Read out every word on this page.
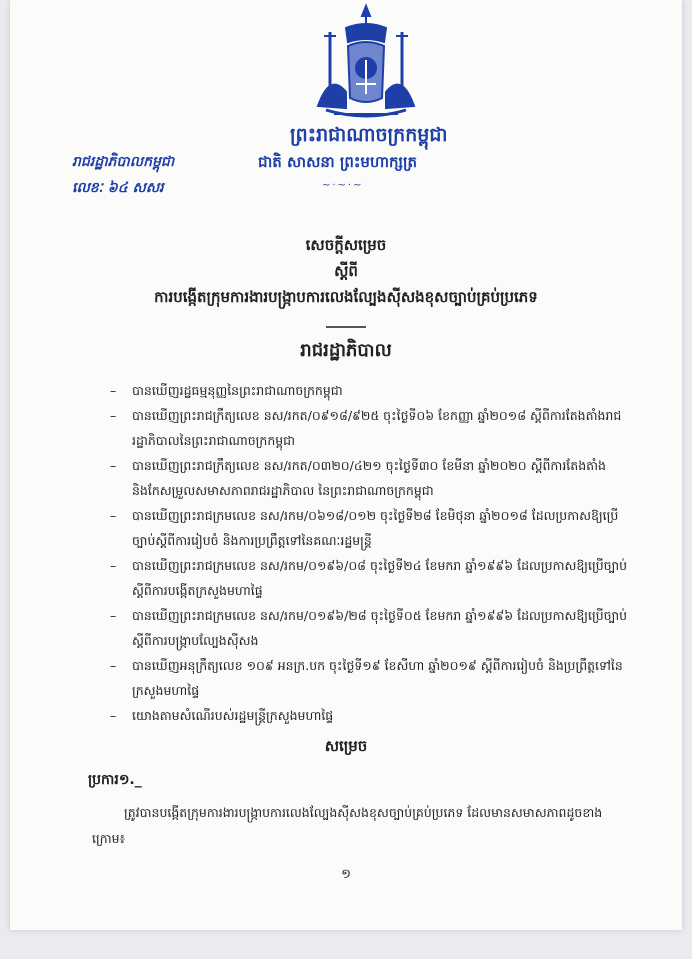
ព្រះរាជាណាចក្រកម្ពុជា
ជាតិ សាសនា ព្រះមហាក្សត្រ
~·~·~
រាជរដ្ឋាភិបាលកម្ពុជា
លេខៈ ៦៤ សសរ
សេចក្ដីសម្រេច
ស្ដីពី
ការបង្កើតក្រុមការងារបង្ក្រាបការលេងល្បែងស៊ីសងខុសច្បាប់គ្រប់ប្រភេទ
រាជរដ្ឋាភិបាល
– បានឃើញរដ្ឋធម្មនុញ្ញនៃព្រះរាជាណាចក្រកម្ពុជា
– បានឃើញព្រះរាជក្រឹត្យលេខ នស/រកត/០៩១៨/៩២៥ ចុះថ្ងៃទី០៦ ខែកញ្ញា ឆ្នាំ២០១៨ ស្ដីពីការតែងតាំងរាជរដ្ឋាភិបាលនៃព្រះរាជាណាចក្រកម្ពុជា
– បានឃើញព្រះរាជក្រឹត្យលេខ នស/រកត/០៣២០/៤២១ ចុះថ្ងៃទី៣០ ខែមីនា ឆ្នាំ២០២០ ស្ដីពីការតែងតាំង និងកែសម្រួលសមាសភាពរាជរដ្ឋាភិបាល នៃព្រះរាជាណាចក្រកម្ពុជា
– បានឃើញព្រះរាជក្រមលេខ នស/រកម/០៦១៨/០១២ ចុះថ្ងៃទី២៨ ខែមិថុនា ឆ្នាំ២០១៨ ដែលប្រកាសឱ្យប្រើច្បាប់ស្ដីពីការរៀបចំ និងការប្រព្រឹត្តទៅនៃគណៈរដ្ឋមន្ត្រី
– បានឃើញព្រះរាជក្រមលេខ នស/រកម/០១៩៦/០៨ ចុះថ្ងៃទី២៤ ខែមករា ឆ្នាំ១៩៩៦ ដែលប្រកាសឱ្យប្រើច្បាប់ស្ដីពីការបង្កើតក្រសួងមហាផ្ទៃ
– បានឃើញព្រះរាជក្រមលេខ នស/រកម/០១៩៦/២៨ ចុះថ្ងៃទី០៥ ខែមករា ឆ្នាំ១៩៩៦ ដែលប្រកាសឱ្យប្រើច្បាប់ស្ដីពីការបង្ក្រាបល្បែងស៊ីសង
– បានឃើញអនុក្រឹត្យលេខ ១០៩ អនក្រ.បក ចុះថ្ងៃទី១៩ ខែសីហា ឆ្នាំ២០១៩ ស្ដីពីការរៀបចំ និងប្រព្រឹត្តទៅនៃក្រសួងមហាផ្ទៃ
– យោងតាមសំណើរបស់រដ្ឋមន្ត្រីក្រសួងមហាផ្ទៃ
សម្រេច
ប្រការ១._
ត្រូវបានបង្កើតក្រុមការងារបង្ក្រាបការលេងល្បែងស៊ីសងខុសច្បាប់គ្រប់ប្រភេទ ដែលមានសមាសភាពដូចខាងក្រោម៖
១
